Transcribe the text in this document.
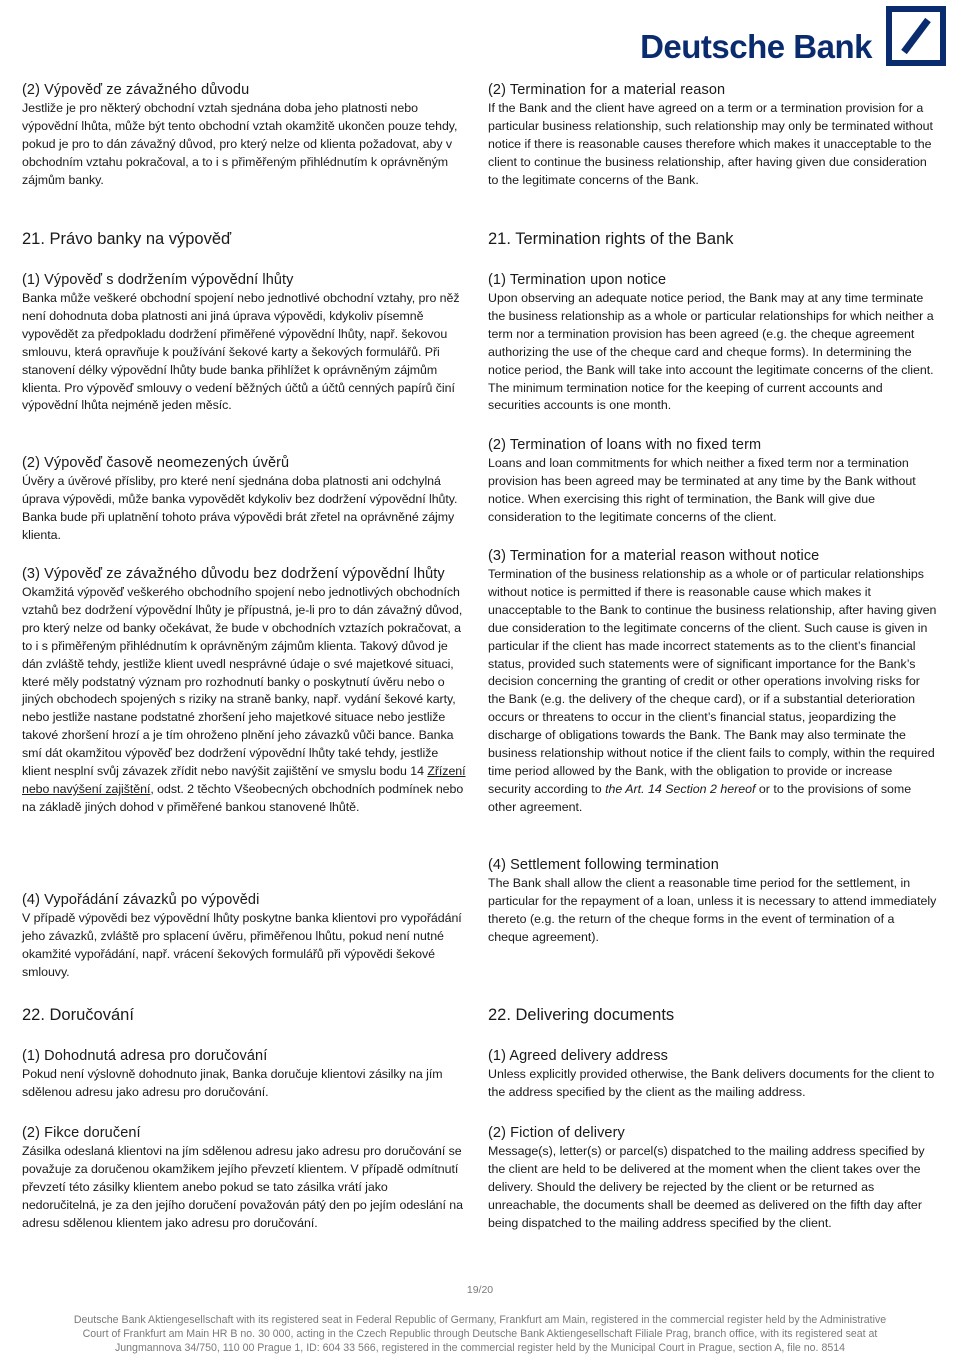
Deutsche Bank
(2) Výpověď ze závažného důvodu

Jestliže je pro některý obchodní vztah sjednána doba jeho platnosti nebo výpovědní lhůta, může být tento obchodní vztah okamžitě ukončen pouze tehdy, pokud je pro to dán závažný důvod, pro který nelze od klienta požadovat, aby v obchodním vztahu pokračoval, a to i s přiměřeným přihlédnutím k oprávněným zájmům banky.

21. Právo banky na výpověď

(1) Výpověď s dodržením výpovědní lhůty

Banka může veškeré obchodní spojení nebo jednotlivé obchodní vztahy, pro něž není dohodnuta doba platnosti ani jiná úprava výpovědi, kdykoliv písemně vypovědět za předpokladu dodržení přiměřené výpovědní lhůty, např. šekovou smlouvu, která opravňuje k používání šekové karty a šekových formulářů. Při stanovení délky výpovědní lhůty bude banka přihlížet k oprávněným zájmům klienta. Pro výpověď smlouvy o vedení běžných účtů a účtů cenných papírů činí výpovědní lhůta nejméně jeden měsíc.

(2) Výpověď časově neomezených úvěrů

Úvěry a úvěrové přísliby, pro které není sjednána doba platnosti ani odchylná úprava výpovědi, může banka vypovědět kdykoliv bez dodržení výpovědní lhůty. Banka bude při uplatnění tohoto práva výpovědi brát zřetel na oprávněné zájmy klienta.

(3) Výpověď ze závažného důvodu bez dodržení výpovědní lhůty

Okamžitá výpověď veškerého obchodního spojení nebo jednotlivých obchodních vztahů bez dodržení výpovědní lhůty je přípustná, je-li pro to dán závažný důvod, pro který nelze od banky očekávat, že bude v obchodních vztazích pokračovat, a to i s přiměřeným přihlédnutím k oprávněným zájmům klienta. Takový důvod je dán zvláště tehdy, jestliže klient uvedl nesprávné údaje o své majetkové situaci, které měly podstatný význam pro rozhodnutí banky o poskytnutí úvěru nebo o jiných obchodech spojených s riziky na straně banky, např. vydání šekové karty, nebo jestliže nastane podstatné zhoršení jeho majetkové situace nebo jestliže takové zhoršení hrozí a je tím ohroženo plnění jeho závazků vůči bance. Banka smí dát okamžitou výpověď bez dodržení výpovědní lhůty také tehdy, jestliže klient nesplní svůj závazek zřídit nebo navýšit zajištění ve smyslu bodu 14 Zřízení nebo navýšení zajištění, odst. 2 těchto Všeobecných obchodních podmínek nebo na základě jiných dohod v přiměřené bankou stanovené lhůtě.

(4) Vypořádání závazků po výpovědi

V případě výpovědi bez výpovědní lhůty poskytne banka klientovi pro vypořádání jeho závazků, zvláště pro splacení úvěru, přiměřenou lhůtu, pokud není nutné okamžité vypořádání, např. vrácení šekových formulářů při výpovědi šekové smlouvy.

22. Doručování

(1) Dohodnutá adresa pro doručování

Pokud není výslovně dohodnuto jinak, Banka doručuje klientovi zásilky na jím sdělenou adresu jako adresu pro doručování.

(2) Fikce doručení

Zásilka odeslaná klientovi na jím sdělenou adresu jako adresu pro doručování se považuje za doručenou okamžikem jejího převzetí klientem. V případě odmítnutí převzetí této zásilky klientem anebo pokud se tato zásilka vrátí jako nedoručitelná, je za den jejího doručení považován pátý den po jejím odeslání na adresu sdělenou klientem jako adresu pro doručování.

(2) Termination for a material reason

If the Bank and the client have agreed on a term or a termination provision for a particular business relationship, such relationship may only be terminated without notice if there is reasonable causes therefore which makes it unacceptable to the client to continue the business relationship, after having given due consideration to the legitimate concerns of the Bank.

21. Termination rights of the Bank

(1) Termination upon notice

Upon observing an adequate notice period, the Bank may at any time terminate the business relationship as a whole or particular relationships for which neither a term nor a termination provision has been agreed (e.g. the cheque agreement authorizing the use of the cheque card and cheque forms). In determining the notice period, the Bank will take into account the legitimate concerns of the client. The minimum termination notice for the keeping of current accounts and securities accounts is one month.

(2) Termination of loans with no fixed term

Loans and loan commitments for which neither a fixed term nor a termination provision has been agreed may be terminated at any time by the Bank without notice. When exercising this right of termination, the Bank will give due consideration to the legitimate concerns of the client.

(3) Termination for a material reason without notice

Termination of the business relationship as a whole or of particular relationships without notice is permitted if there is reasonable cause which makes it unacceptable to the Bank to continue the business relationship, after having given due consideration to the legitimate concerns of the client. Such cause is given in particular if the client has made incorrect statements as to the client’s financial status, provided such statements were of significant importance for the Bank’s decision concerning the granting of credit or other operations involving risks for the Bank (e.g. the delivery of the cheque card), or if a substantial deterioration occurs or threatens to occur in the client’s financial status, jeopardizing the discharge of obligations towards the Bank. The Bank may also terminate the business relationship without notice if the client fails to comply, within the required time period allowed by the Bank, with the obligation to provide or increase security according to the Art. 14 Section 2 hereof or to the provisions of some other agreement.

(4) Settlement following termination

The Bank shall allow the client a reasonable time period for the settlement, in particular for the repayment of a loan, unless it is necessary to attend immediately thereto (e.g. the return of the cheque forms in the event of termination of a cheque agreement).

22. Delivering documents

(1) Agreed delivery address

Unless explicitly provided otherwise, the Bank delivers documents for the client to the address specified by the client as the mailing address.

(2) Fiction of delivery

Message(s), letter(s) or parcel(s) dispatched to the mailing address specified by the client are held to be delivered at the moment when the client takes over the delivery. Should the delivery be rejected by the client or be returned as unreachable, the documents shall be deemed as delivered on the fifth day after being dispatched to the mailing address specified by the client.

19/20
Deutsche Bank Aktiengesellschaft with its registered seat in Federal Republic of Germany, Frankfurt am Main, registered in the commercial register held by the Administrative
Court of Frankfurt am Main HR B no. 30 000, acting in the Czech Republic through Deutsche Bank Aktiengesellschaft Filiale Prag, branch office, with its registered seat at
Jungmannova 34/750, 110 00 Prague 1, ID: 604 33 566, registered in the commercial register held by the Municipal Court in Prague, section A, file no. 8514
